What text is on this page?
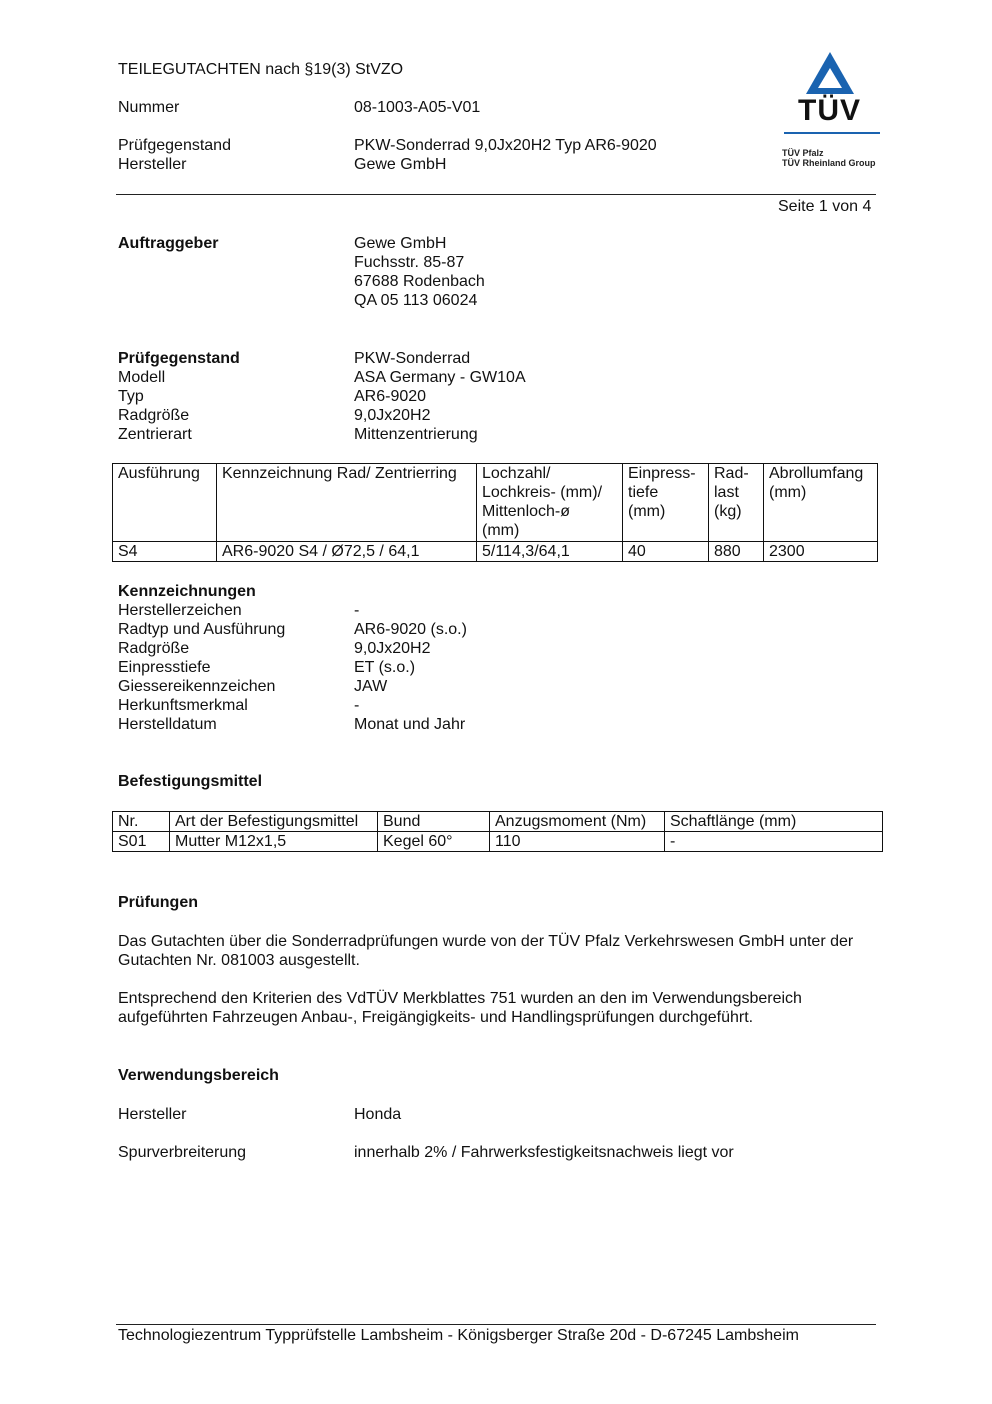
TEILEGUTACHTEN nach §19(3) StVZO
Nummer	08-1003-A05-V01
Prüfgegenstand	PKW-Sonderrad 9,0Jx20H2 Typ AR6-9020
Hersteller	Gewe GmbH
TÜV
TÜV Pfalz
TÜV Rheinland Group
Seite 1 von 4
Auftraggeber	Gewe GmbH
Fuchsstr. 85-87
67688 Rodenbach
QA 05 113 06024
Prüfgegenstand	PKW-Sonderrad
Modell	ASA Germany - GW10A
Typ	AR6-9020
Radgröße	9,0Jx20H2
Zentrierart	Mittenzentrierung
Ausführung	Kennzeichnung Rad/ Zentrierring	Lochzahl/
Lochkreis- (mm)/
Mittenloch-ø
(mm)	Einpress-
tiefe
(mm)	Rad-
last
(kg)	Abrollumfang
(mm)
S4	AR6-9020 S4 / Ø72,5 / 64,1	5/114,3/64,1	40	880	2300
Kennzeichnungen
Herstellerzeichen	-
Radtyp und Ausführung	AR6-9020 (s.o.)
Radgröße	9,0Jx20H2
Einpresstiefe	ET (s.o.)
Giessereikennzeichen	JAW
Herkunftsmerkmal	-
Herstelldatum	Monat und Jahr
Befestigungsmittel
Nr.	Art der Befestigungsmittel	Bund	Anzugsmoment (Nm)	Schaftlänge (mm)
S01	Mutter M12x1,5	Kegel 60°	110	-
Prüfungen
Das Gutachten über die Sonderradprüfungen wurde von der TÜV Pfalz Verkehrswesen GmbH unter der Gutachten Nr. 081003 ausgestellt.
Entsprechend den Kriterien des VdTÜV Merkblattes 751 wurden an den im Verwendungsbereich aufgeführten Fahrzeugen Anbau-, Freigängigkeits- und Handlingsprüfungen durchgeführt.
Verwendungsbereich
Hersteller	Honda
Spurverbreiterung	innerhalb 2% / Fahrwerksfestigkeitsnachweis liegt vor
Technologiezentrum Typprüfstelle Lambsheim - Königsberger Straße 20d - D-67245 Lambsheim
